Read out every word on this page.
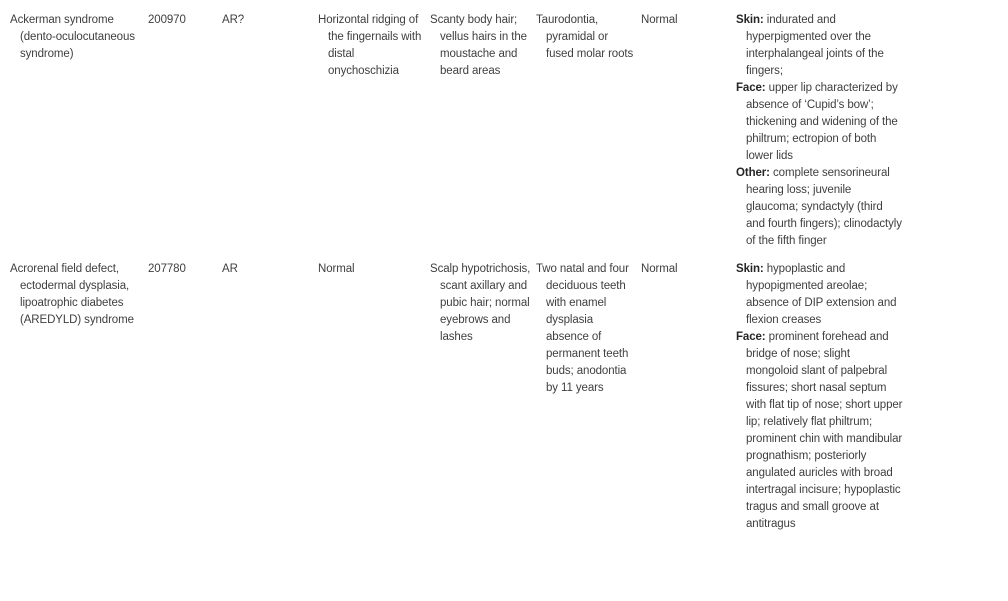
Ackerman syndrome (dento-oculocutaneous syndrome)	200970	AR?	Horizontal ridging of the fingernails with distal onychoschizia	Scanty body hair; vellus hairs in the moustache and beard areas	Taurodontia, pyramidal or fused molar roots	Normal	Skin: indurated and hyperpigmented over the interphalangeal joints of the fingers;

Face: upper lip characterized by absence of ‘Cupid’s bow’; thickening and widening of the philtrum; ectropion of both lower lids

Other: complete sensorineural hearing loss; juvenile glaucoma; syndactyly (third and fourth fingers); clinodactyly of the fifth finger

Acrorenal field defect, ectodermal dysplasia, lipoatrophic diabetes (AREDYLD) syndrome	207780	AR	Normal	Scalp hypotrichosis, scant axillary and pubic hair; normal eyebrows and lashes	Two natal and four deciduous teeth with enamel dysplasia absence of permanent teeth buds; anodontia by 11 years	Normal	Skin: hypoplastic and hypopigmented areolae; absence of DIP extension and flexion creases

Face: prominent forehead and bridge of nose; slight mongoloid slant of palpebral fissures; short nasal septum with flat tip of nose; short upper lip; relatively flat philtrum; prominent chin with mandibular prognathism; posteriorly angulated auricles with broad intertragal incisure; hypoplastic tragus and small groove at antitragus
